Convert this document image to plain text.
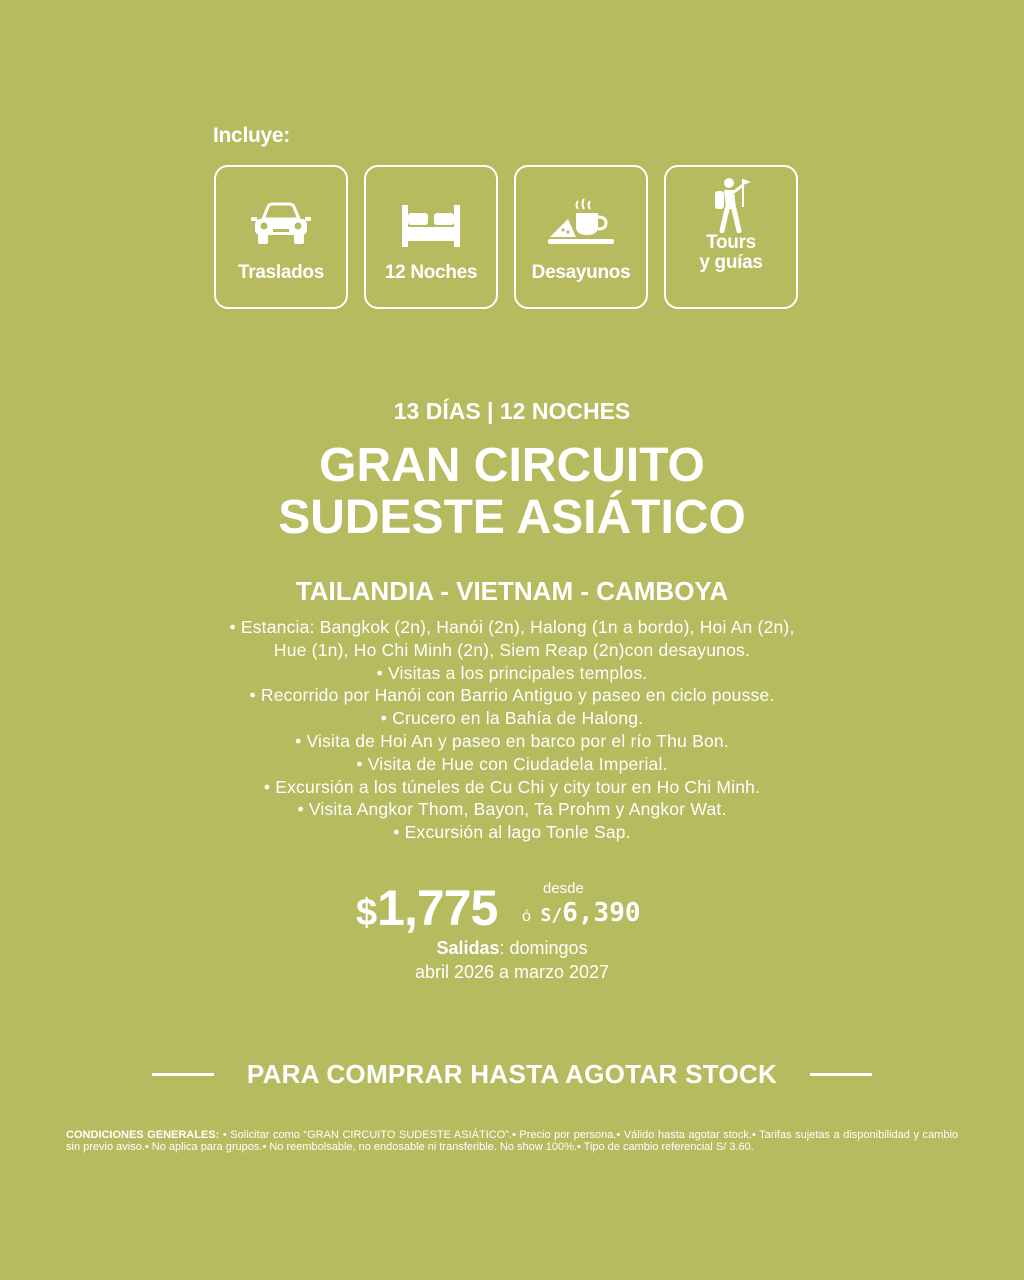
Incluye:
Traslados	12 Noches	Desayunos
Tours
y guías
13 DÍAS | 12 NOCHES
GRAN CIRCUITO
SUDESTE ASIÁTICO
TAILANDIA - VIETNAM - CAMBOYA
• Estancia: Bangkok (2n), Hanói (2n), Halong (1n a bordo), Hoi An (2n),
Hue (1n), Ho Chi Minh (2n), Siem Reap (2n)con desayunos.
• Visitas a los principales templos.
• Recorrido por Hanói con Barrio Antiguo y paseo en ciclo pousse.
• Crucero en la Bahía de Halong.
• Visita de Hoi An y paseo en barco por el río Thu Bon.
• Visita de Hue con Ciudadela Imperial.
• Excursión a los túneles de Cu Chi y city tour en Ho Chi Minh.
• Visita Angkor Thom, Bayon, Ta Prohm y Angkor Wat.
• Excursión al lago Tonle Sap.
$1,775	desde
ó S/6,390
Salidas: domingos
abril 2026 a marzo 2027
PARA COMPRAR HASTA AGOTAR STOCK
CONDICIONES GENERALES: • Solicitar como “GRAN CIRCUITO SUDESTE ASIÁTICO”.• Precio por persona.• Válido hasta agotar stock.• Tarifas sujetas a disponibilidad y cambio sin previo aviso.• No aplica para grupos.• No reembolsable, no endosable ni transferible. No show 100%.• Tipo de cambio referencial S/ 3.60.
